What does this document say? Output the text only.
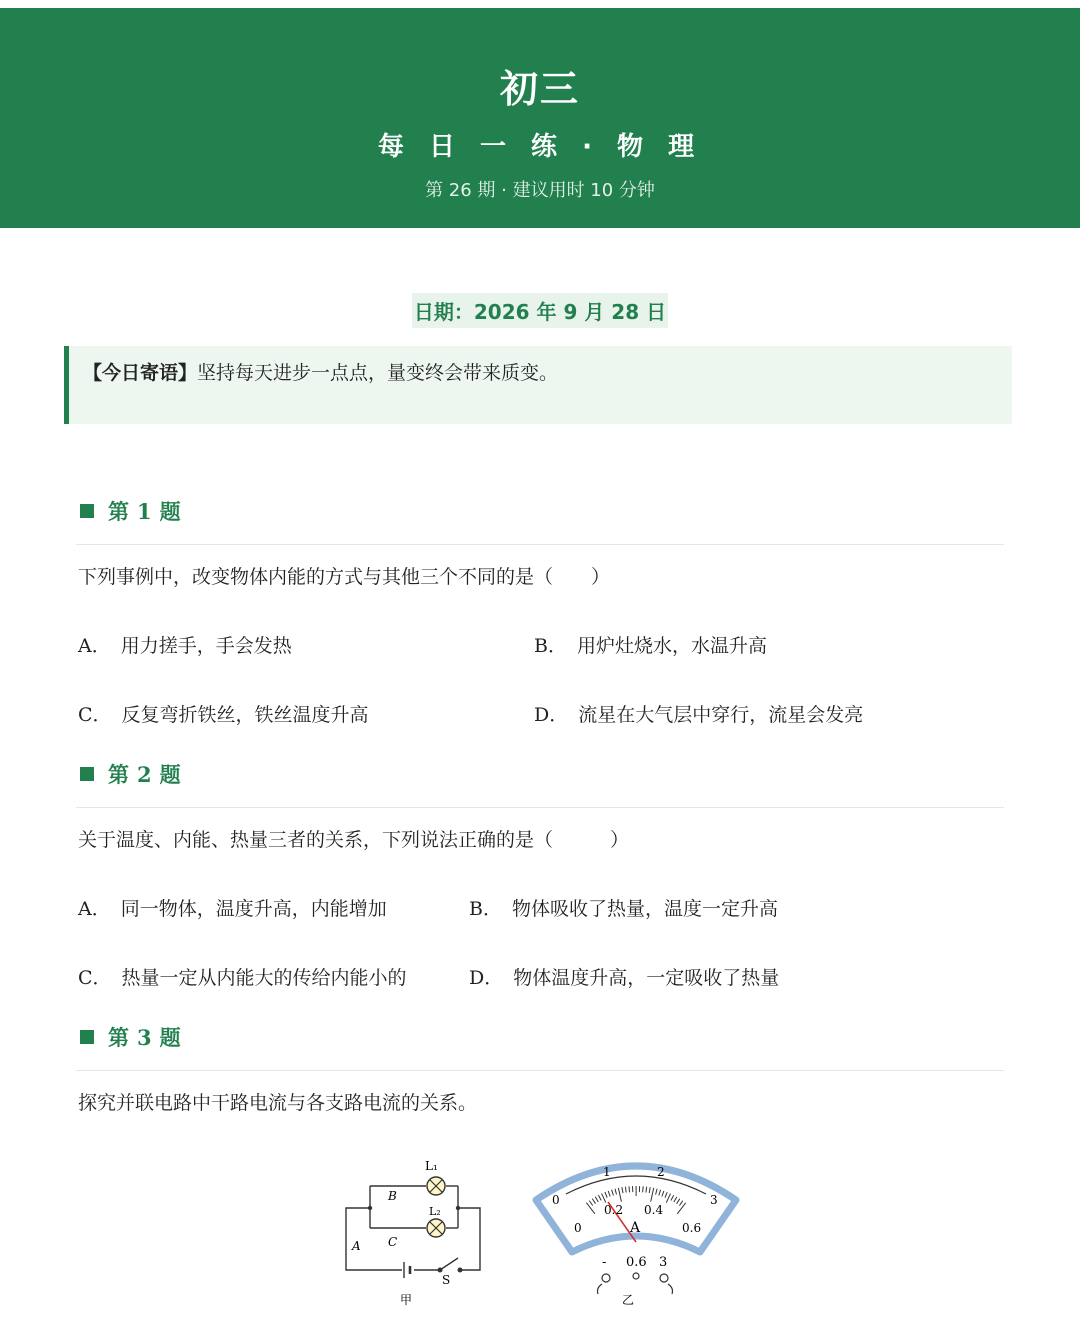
初三
每 日 一 练 · 物 理
第 26 期 · 建议用时 10 分钟
日期：2026 年 9 月 28 日
【今日寄语】坚持每天进步一点点，量变终会带来质变。
第 1 题
下列事例中，改变物体内能的方式与其他三个不同的是（　　）
A． 用力搓手，手会发热	B． 用炉灶烧水，水温升高
C． 反复弯折铁丝，铁丝温度升高	D． 流星在大气层中穿行，流星会发亮
第 2 题
关于温度、内能、热量三者的关系，下列说法正确的是（　　　）
A． 同一物体，温度升高，内能增加	B． 物体吸收了热量，温度一定升高
C． 热量一定从内能大的传给内能小的	D． 物体温度升高，一定吸收了热量
第 3 题
探究并联电路中干路电流与各支路电流的关系。
L₁
L₂
B
C
A
S
甲
0
1	2
3
0
0.2 0.4
0.6
A
- 0.6 3
乙
